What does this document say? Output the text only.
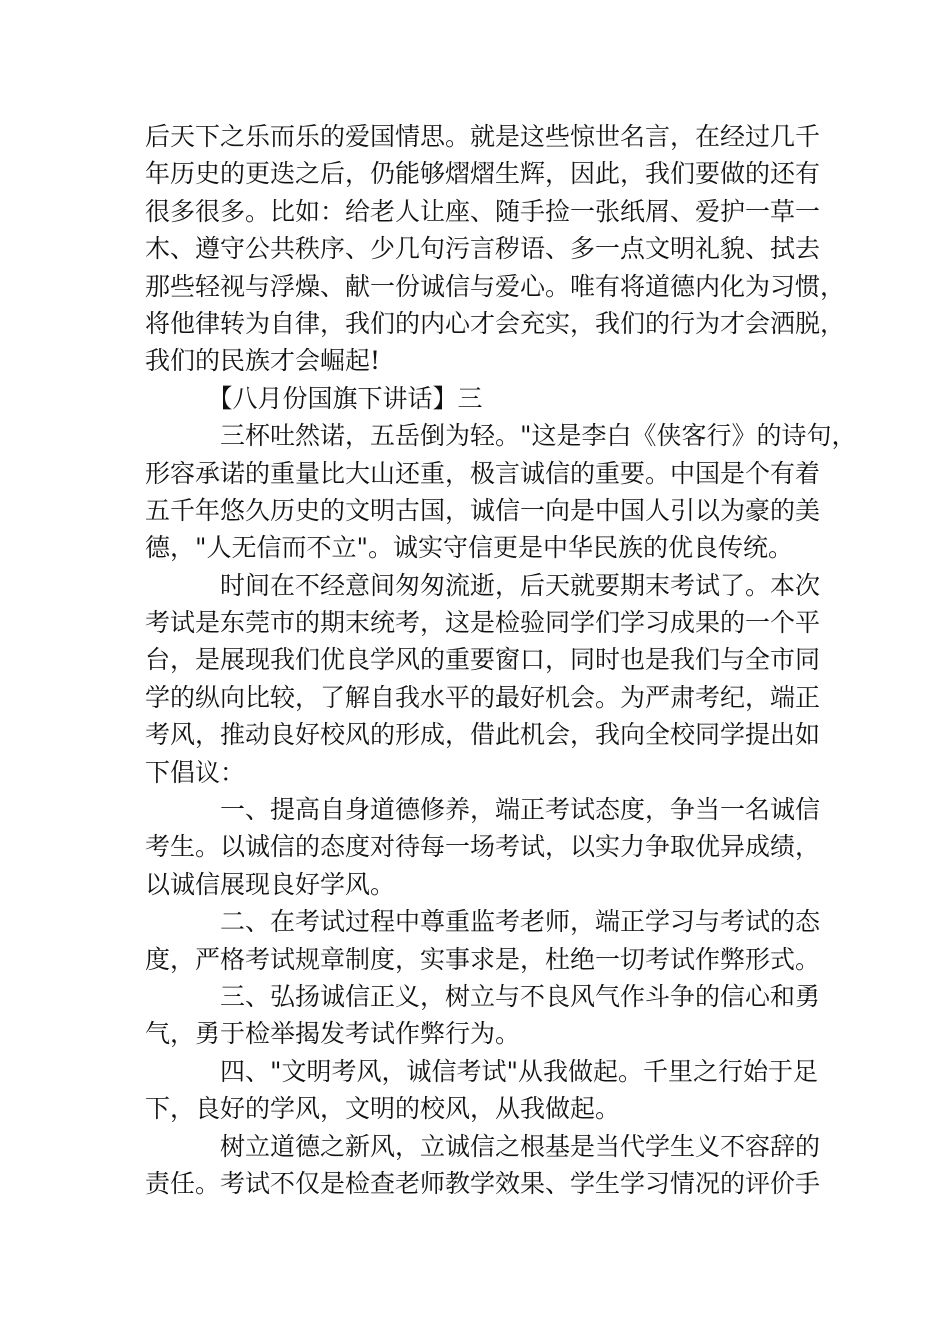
后天下之乐而乐的爱国情思。就是这些惊世名言，在经过几千
年历史的更迭之后，仍能够熠熠生辉，因此，我们要做的还有
很多很多。比如：给老人让座、随手捡一张纸屑、爱护一草一
木、遵守公共秩序、少几句污言秽语、多一点文明礼貌、拭去
那些轻视与浮燥、献一份诚信与爱心。唯有将道德内化为习惯，
将他律转为自律，我们的内心才会充实，我们的行为才会洒脱，
我们的民族才会崛起!
　　　【八月份国旗下讲话】三
　　　三杯吐然诺，五岳倒为轻。"这是李白《侠客行》的诗句，
形容承诺的重量比大山还重，极言诚信的重要。中国是个有着
五千年悠久历史的文明古国，诚信一向是中国人引以为豪的美
德，"人无信而不立"。诚实守信更是中华民族的优良传统。
　　　时间在不经意间匆匆流逝，后天就要期末考试了。本次
考试是东莞市的期末统考，这是检验同学们学习成果的一个平
台，是展现我们优良学风的重要窗口，同时也是我们与全市同
学的纵向比较，了解自我水平的最好机会。为严肃考纪，端正
考风，推动良好校风的形成，借此机会，我向全校同学提出如
下倡议：
　　　一、提高自身道德修养，端正考试态度，争当一名诚信
考生。以诚信的态度对待每一场考试，以实力争取优异成绩，
以诚信展现良好学风。
　　　二、在考试过程中尊重监考老师，端正学习与考试的态
度，严格考试规章制度，实事求是，杜绝一切考试作弊形式。
　　　三、弘扬诚信正义，树立与不良风气作斗争的信心和勇
气，勇于检举揭发考试作弊行为。
　　　四、"文明考风，诚信考试"从我做起。千里之行始于足
下，良好的学风，文明的校风，从我做起。
　　　树立道德之新风，立诚信之根基是当代学生义不容辞的
责任。考试不仅是检查老师教学效果、学生学习情况的评价手
